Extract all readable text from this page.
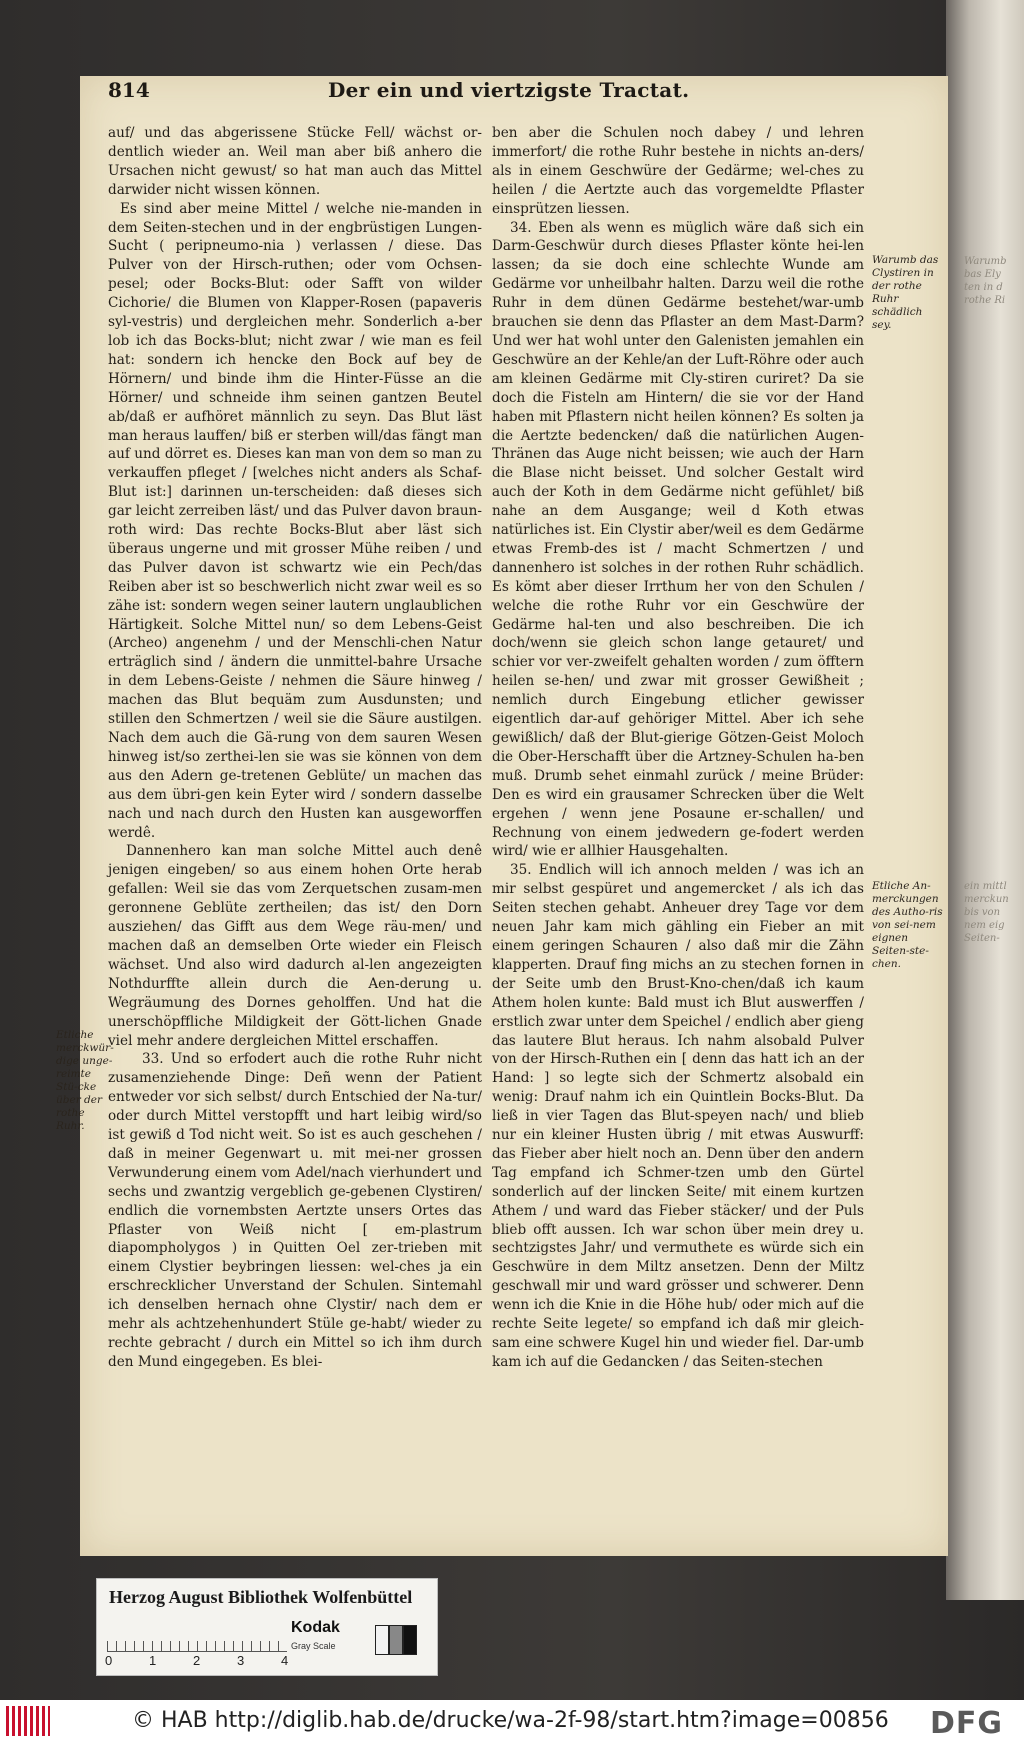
Warumb
bas Ely
ten in d
rothe Ri
ein mittl
merckun
bis von
nem eig
Seiten-
814	Der ein und viertzigste Tractat.

auf/ und das abgerissene Stücke Fell/ wächst or-dentlich wieder an. Weil man aber biß anhero die Ursachen nicht gewust/ so hat man auch das Mittel darwider nicht wissen können.

Es sind aber meine Mittel / welche nie-manden in dem Seiten-stechen und in der engbrüstigen Lungen-Sucht ( peripneumo-nia ) verlassen / diese. Das Pulver von der Hirsch-ruthen; oder vom Ochsen-pesel; oder Bocks-Blut: oder Safft von wilder Cichorie/ die Blumen von Klapper-Rosen (papaveris syl-vestris) und dergleichen mehr. Sonderlich a-ber lob ich das Bocks-blut; nicht zwar / wie man es feil hat: sondern ich hencke den Bock auf bey de Hörnern/ und binde ihm die Hinter-Füsse an die Hörner/ und schneide ihm seinen gantzen Beutel ab/daß er aufhöret männlich zu seyn. Das Blut läst man heraus lauffen/ biß er sterben will/das fängt man auf und dörret es. Dieses kan man von dem so man zu verkauffen pfleget / [welches nicht anders als Schaf-Blut ist:] darinnen un-terscheiden: daß dieses sich gar leicht zerreiben läst/ und das Pulver davon braun-roth wird: Das rechte Bocks-Blut aber läst sich überaus ungerne und mit grosser Mühe reiben / und das Pulver davon ist schwartz wie ein Pech/das Reiben aber ist so beschwerlich nicht zwar weil es so zähe ist: sondern wegen seiner lautern unglaublichen Härtigkeit. Solche Mittel nun/ so dem Lebens-Geist (Archeo) angenehm / und der Menschli-chen Natur erträglich sind / ändern die unmittel-bahre Ursache in dem Lebens-Geiste / nehmen die Säure hinweg / machen das Blut bequäm zum Ausdunsten; und stillen den Schmertzen / weil sie die Säure austilgen. Nach dem auch die Gä-rung von dem sauren Wesen hinweg ist/so zerthei-len sie was sie können von dem aus den Adern ge-tretenen Geblüte/ un machen das aus dem übri-gen kein Eyter wird / sondern dasselbe nach und nach durch den Husten kan ausgeworffen werdê.

Dannenhero kan man solche Mittel auch denê jenigen eingeben/ so aus einem hohen Orte herab gefallen: Weil sie das vom Zerquetschen zusam-men geronnene Geblüte zertheilen; das ist/ den Dorn ausziehen/ das Gifft aus dem Wege räu-men/ und machen daß an demselben Orte wieder ein Fleisch wächset. Und also wird dadurch al-len angezeigten Nothdurffte allein durch die Aen-derung u. Wegräumung des Dornes geholffen. Und hat die unerschöpffliche Mildigkeit der Gött-lichen Gnade viel mehr andere dergleichen Mittel erschaffen.

33. Und so erfodert auch die rothe Ruhr nicht zusamenziehende Dinge: Deñ wenn der Patient entweder vor sich selbst/ durch Entschied der Na-tur/ oder durch Mittel verstopfft und hart leibig wird/so ist gewiß d Tod nicht weit. So ist es auch geschehen / daß in meiner Gegenwart u. mit mei-ner grossen Verwunderung einem vom Adel/nach vierhundert und sechs und zwantzig vergeblich ge-gebenen Clystiren/ endlich die vornembsten Aertzte unsers Ortes das Pflaster von Weiß nicht [ em-plastrum diapompholygos ) in Quitten Oel zer-trieben mit einem Clystier beybringen liessen: wel-ches ja ein erschrecklicher Unverstand der Schulen. Sintemahl ich denselben hernach ohne Clystir/ nach dem er mehr als achtzehenhundert Stüle ge-habt/ wieder zu rechte gebracht / durch ein Mittel so ich ihm durch den Mund eingegeben. Es blei-

ben aber die Schulen noch dabey / und lehren immerfort/ die rothe Ruhr bestehe in nichts an-ders/ als in einem Geschwüre der Gedärme; wel-ches zu heilen / die Aertzte auch das vorgemeldte Pflaster einsprützen liessen.

34. Eben als wenn es müglich wäre daß sich ein Darm-Geschwür durch dieses Pflaster könte hei-len lassen; da sie doch eine schlechte Wunde am Gedärme vor unheilbahr halten. Darzu weil die rothe Ruhr in dem dünen Gedärme bestehet/war-umb brauchen sie denn das Pflaster an dem Mast-Darm? Und wer hat wohl unter den Galenisten jemahlen ein Geschwüre an der Kehle/an der Luft-Röhre oder auch am kleinen Gedärme mit Cly-stiren curiret? Da sie doch die Fisteln am Hintern/ die sie vor der Hand haben mit Pflastern nicht heilen können? Es solten ja die Aertzte bedencken/ daß die natürlichen Augen-Thränen das Auge nicht beissen; wie auch der Harn die Blase nicht beisset. Und solcher Gestalt wird auch der Koth in dem Gedärme nicht gefühlet/ biß nahe an dem Ausgange; weil d Koth etwas natürliches ist. Ein Clystir aber/weil es dem Gedärme etwas Fremb-des ist / macht Schmertzen / und dannenhero ist solches in der rothen Ruhr schädlich. Es kömt aber dieser Irrthum her von den Schulen / welche die rothe Ruhr vor ein Geschwüre der Gedärme hal-ten und also beschreiben. Die ich doch/wenn sie gleich schon lange getauret/ und schier vor ver-zweifelt gehalten worden / zum öfftern heilen se-hen/ und zwar mit grosser Gewißheit ; nemlich durch Eingebung etlicher gewisser eigentlich dar-auf gehöriger Mittel. Aber ich sehe gewißlich/ daß der Blut-gierige Götzen-Geist Moloch die Ober-Herschafft über die Artzney-Schulen ha-ben muß. Drumb sehet einmahl zurück / meine Brüder: Den es wird ein grausamer Schrecken über die Welt ergehen / wenn jene Posaune er-schallen/ und Rechnung von einem jedwedern ge-fodert werden wird/ wie er allhier Hausgehalten.

35. Endlich will ich annoch melden / was ich an mir selbst gespüret und angemercket / als ich das Seiten stechen gehabt. Anheuer drey Tage vor dem neuen Jahr kam mich gähling ein Fieber an mit einem geringen Schauren / also daß mir die Zähn klapperten. Drauf fing michs an zu stechen fornen in der Seite umb den Brust-Kno-chen/daß ich kaum Athem holen kunte: Bald must ich Blut auswerffen / erstlich zwar unter dem Speichel / endlich aber gieng das lautere Blut heraus. Ich nahm alsobald Pulver von der Hirsch-Ruthen ein [ denn das hatt ich an der Hand: ] so legte sich der Schmertz alsobald ein wenig: Drauf nahm ich ein Quintlein Bocks-Blut. Da ließ in vier Tagen das Blut-speyen nach/ und blieb nur ein kleiner Husten übrig / mit etwas Auswurff: das Fieber aber hielt noch an. Denn über den andern Tag empfand ich Schmer-tzen umb den Gürtel sonderlich auf der lincken Seite/ mit einem kurtzen Athem / und ward das Fieber stäcker/ und der Puls blieb offt aussen. Ich war schon über mein drey u. sechtzigstes Jahr/ und vermuthete es würde sich ein Geschwüre in dem Miltz ansetzen. Denn der Miltz geschwall mir und ward grösser und schwerer. Denn wenn ich die Knie in die Höhe hub/ oder mich auf die rechte Seite legete/ so empfand ich daß mir gleich-sam eine schwere Kugel hin und wieder fiel. Dar-umb kam ich auf die Gedancken / das Seiten-stechen

Etliche merckwür-dige unge-reimte Stü-cke über der rothe Ruhr.
Warumb das Clystiren in der rothe Ruhr schädlich sey.
Etliche An-merckungen des Autho-ris von sei-nem eignen Seiten-ste-chen.
Herzog August Bibliothek Wolfenbüttel
0	1	2	3	4
Kodak
Gray Scale
© HAB http://diglib.hab.de/drucke/wa-2f-98/start.htm?image=00856 DFG
